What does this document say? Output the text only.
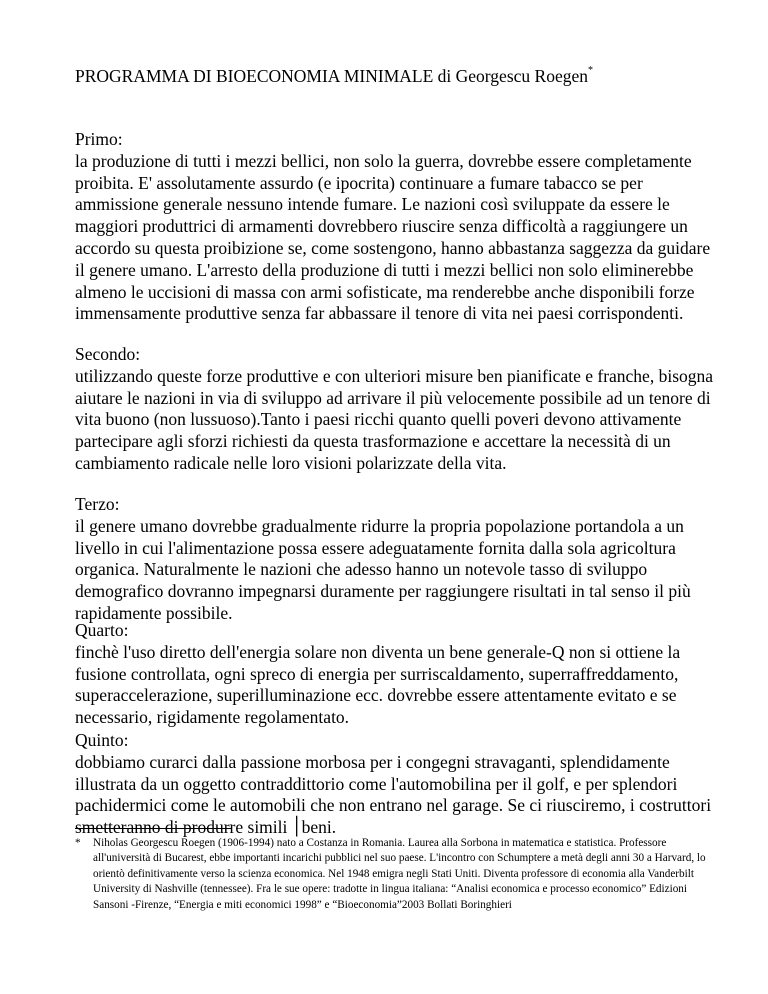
PROGRAMMA DI BIOECONOMIA MINIMALE di Georgescu Roegen*
Primo:
la produzione di tutti i mezzi bellici, non solo la guerra, dovrebbe essere completamente proibita. E' assolutamente assurdo (e ipocrita) continuare a fumare tabacco se per ammissione generale nessuno intende fumare. Le nazioni così sviluppate da essere le maggiori produttrici di armamenti dovrebbero riuscire senza difficoltà a raggiungere un accordo su questa proibizione se, come sostengono, hanno abbastanza saggezza da guidare il genere umano. L'arresto della produzione di tutti i mezzi bellici non solo eliminerebbe almeno le uccisioni di massa con armi sofisticate, ma renderebbe anche disponibili forze immensamente produttive senza far abbassare il tenore di vita nei paesi corrispondenti.
Secondo:
utilizzando queste forze produttive e con ulteriori misure ben pianificate e franche, bisogna aiutare le nazioni in via di sviluppo ad arrivare il più velocemente possibile ad un tenore di vita buono (non lussuoso).Tanto i paesi ricchi quanto quelli poveri devono attivamente partecipare agli sforzi richiesti da questa trasformazione e accettare la necessità di un cambiamento radicale nelle loro visioni polarizzate della vita.
Terzo:
il genere umano dovrebbe gradualmente ridurre la propria popolazione portandola a un livello in cui l'alimentazione possa essere adeguatamente fornita dalla sola agricoltura organica. Naturalmente le nazioni che adesso hanno un notevole tasso di sviluppo demografico dovranno impegnarsi duramente per raggiungere risultati in tal senso il più rapidamente possibile.
Quarto:
finchè l'uso diretto dell'energia solare non diventa un bene generale-Q non si ottiene la fusione controllata, ogni spreco di energia per surriscaldamento, superraffreddamento, superaccelerazione, superilluminazione ecc. dovrebbe essere attentamente evitato e se necessario, rigidamente regolamentato.
Quinto:
dobbiamo curarci dalla passione morbosa per i congegni stravaganti, splendidamente illustrata da un oggetto contraddittorio come l'automobilina per il golf, e per splendori pachidermici come le automobili che non entrano nel garage. Se ci riusciremo, i costruttori smetteranno di produrre simili ׀beni.
* Niholas Georgescu Roegen (1906-1994) nato a Costanza in Romania. Laurea alla Sorbona in matematica e statistica. Professore all'università di Bucarest, ebbe importanti incarichi pubblici nel suo paese. L'incontro con Schumptere a metà degli anni 30 a Harvard, lo orientò definitivamente verso la scienza economica. Nel 1948 emigra negli Stati Uniti. Diventa professore di economia alla Vanderbilt University di Nashville (tennessee). Fra le sue opere: tradotte in lingua italiana: “Analisi economica e processo economico” Edizioni Sansoni -Firenze, “Energia e miti economici 1998” e “Bioeconomia”2003 Bollati Boringhieri
